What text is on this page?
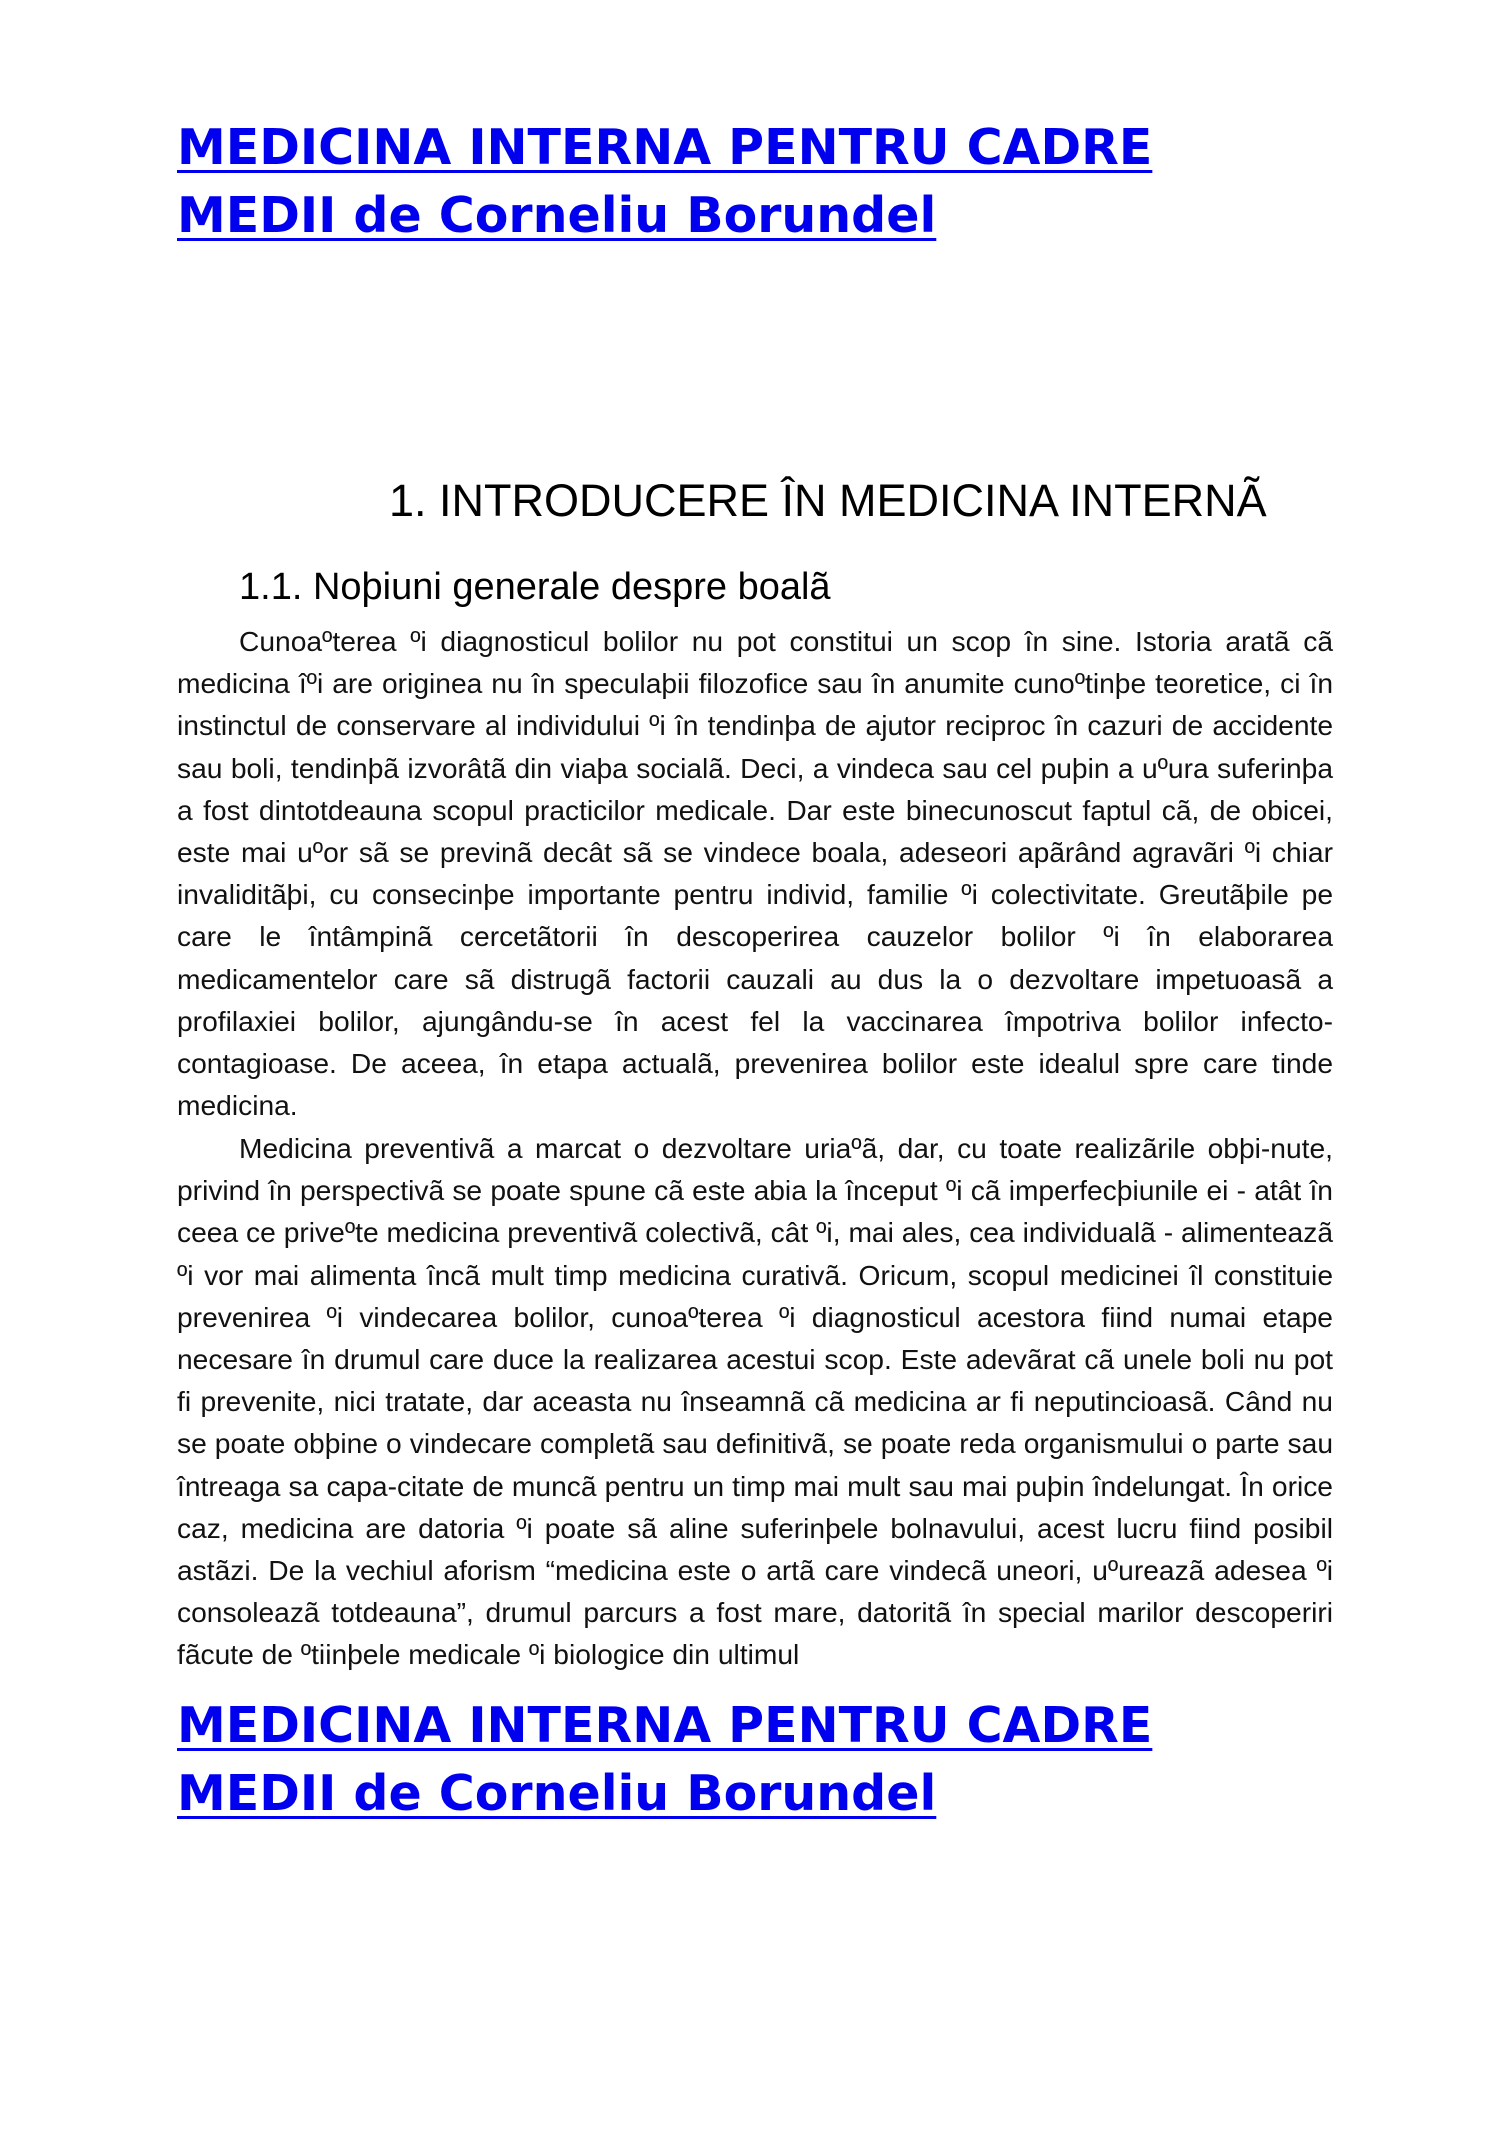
MEDICINA INTERNA PENTRU CADRE
MEDII de Corneliu Borundel
1. INTRODUCERE ÎN MEDICINA INTERNÃ
1.1. Noþiuni generale despre boalã

Cunoaºterea ºi diagnosticul bolilor nu pot constitui un scop în sine. Istoria aratã cã medicina îºi are originea nu în speculaþii filozofice sau în anumite cunoºtinþe teoretice, ci în instinctul de conservare al individului ºi în tendinþa de ajutor reciproc în cazuri de accidente sau boli, tendinþã izvorâtã din viaþa socialã. Deci, a vindeca sau cel puþin a uºura suferinþa a fost dintotdeauna scopul practicilor medicale. Dar este binecunoscut faptul cã, de obicei, este mai uºor sã se previnã decât sã se vindece boala, adeseori apãrând agravãri ºi chiar invaliditãþi, cu consecinþe importante pentru individ, familie ºi colectivitate. Greutãþile pe care le întâmpinã cercetãtorii în descoperirea cauzelor bolilor ºi în elaborarea medicamentelor care sã distrugã factorii cauzali au dus la o dezvoltare impetuoasã a profilaxiei bolilor, ajungându-se în acest fel la vaccinarea împotriva bolilor infecto-contagioase. De aceea, în etapa actualã, prevenirea bolilor este idealul spre care tinde medicina.

Medicina preventivã a marcat o dezvoltare uriaºã, dar, cu toate realizãrile obþi-nute, privind în perspectivã se poate spune cã este abia la început ºi cã imperfecþiunile ei - atât în ceea ce priveºte medicina preventivã colectivã, cât ºi, mai ales, cea individualã - alimenteazã ºi vor mai alimenta încã mult timp medicina curativã. Oricum, scopul medicinei îl constituie prevenirea ºi vindecarea bolilor, cunoaºterea ºi diagnosticul acestora fiind numai etape necesare în drumul care duce la realizarea acestui scop. Este adevãrat cã unele boli nu pot fi prevenite, nici tratate, dar aceasta nu înseamnã cã medicina ar fi neputincioasã. Când nu se poate obþine o vindecare completã sau definitivã, se poate reda organismului o parte sau întreaga sa capa-citate de muncã pentru un timp mai mult sau mai puþin îndelungat. În orice caz, medicina are datoria ºi poate sã aline suferinþele bolnavului, acest lucru fiind posibil astãzi. De la vechiul aforism “medicina este o artã care vindecã uneori, uºureazã adesea ºi consoleazã totdeauna”, drumul parcurs a fost mare, datoritã în special marilor descoperiri fãcute de ºtiinþele medicale ºi biologice din ultimul

MEDICINA INTERNA PENTRU CADRE
MEDII de Corneliu Borundel
